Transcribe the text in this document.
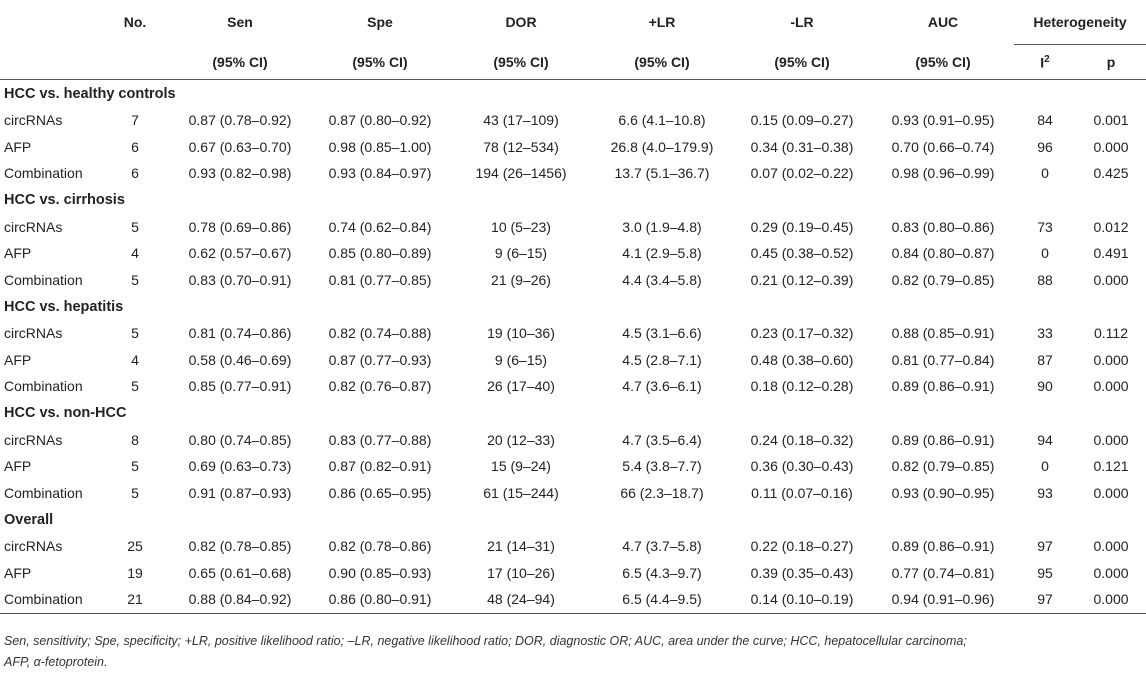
	No.	Sen	Spe	DOR	+LR	-LR	AUC	Heterogeneity	
		(95% CI)	(95% CI)	(95% CI)	(95% CI)	(95% CI)	(95% CI)	$I^2$	p
HCC vs. healthy controls									
circRNAs	7	0.87 (0.78–0.92)	0.87 (0.80–0.92)	43 (17–109)	6.6 (4.1–10.8)	0.15 (0.09–0.27)	0.93 (0.91–0.95)	84	0.001
AFP	6	0.67 (0.63–0.70)	0.98 (0.85–1.00)	78 (12–534)	26.8 (4.0–179.9)	0.34 (0.31–0.38)	0.70 (0.66–0.74)	96	0.000
Combination	6	0.93 (0.82–0.98)	0.93 (0.84–0.97)	194 (26–1456)	13.7 (5.1–36.7)	0.07 (0.02–0.22)	0.98 (0.96–0.99)	0	0.425
HCC vs. cirrhosis									
circRNAs	5	0.78 (0.69–0.86)	0.74 (0.62–0.84)	10 (5–23)	3.0 (1.9–4.8)	0.29 (0.19–0.45)	0.83 (0.80–0.86)	73	0.012
AFP	4	0.62 (0.57–0.67)	0.85 (0.80–0.89)	9 (6–15)	4.1 (2.9–5.8)	0.45 (0.38–0.52)	0.84 (0.80–0.87)	0	0.491
Combination	5	0.83 (0.70–0.91)	0.81 (0.77–0.85)	21 (9–26)	4.4 (3.4–5.8)	0.21 (0.12–0.39)	0.82 (0.79–0.85)	88	0.000
HCC vs. hepatitis									
circRNAs	5	0.81 (0.74–0.86)	0.82 (0.74–0.88)	19 (10–36)	4.5 (3.1–6.6)	0.23 (0.17–0.32)	0.88 (0.85–0.91)	33	0.112
AFP	4	0.58 (0.46–0.69)	0.87 (0.77–0.93)	9 (6–15)	4.5 (2.8–7.1)	0.48 (0.38–0.60)	0.81 (0.77–0.84)	87	0.000
Combination	5	0.85 (0.77–0.91)	0.82 (0.76–0.87)	26 (17–40)	4.7 (3.6–6.1)	0.18 (0.12–0.28)	0.89 (0.86–0.91)	90	0.000
HCC vs. non-HCC									
circRNAs	8	0.80 (0.74–0.85)	0.83 (0.77–0.88)	20 (12–33)	4.7 (3.5–6.4)	0.24 (0.18–0.32)	0.89 (0.86–0.91)	94	0.000
AFP	5	0.69 (0.63–0.73)	0.87 (0.82–0.91)	15 (9–24)	5.4 (3.8–7.7)	0.36 (0.30–0.43)	0.82 (0.79–0.85)	0	0.121
Combination	5	0.91 (0.87–0.93)	0.86 (0.65–0.95)	61 (15–244)	66 (2.3–18.7)	0.11 (0.07–0.16)	0.93 (0.90–0.95)	93	0.000
Overall									
circRNAs	25	0.82 (0.78–0.85)	0.82 (0.78–0.86)	21 (14–31)	4.7 (3.7–5.8)	0.22 (0.18–0.27)	0.89 (0.86–0.91)	97	0.000
AFP	19	0.65 (0.61–0.68)	0.90 (0.85–0.93)	17 (10–26)	6.5 (4.3–9.7)	0.39 (0.35–0.43)	0.77 (0.74–0.81)	95	0.000
Combination	21	0.88 (0.84–0.92)	0.86 (0.80–0.91)	48 (24–94)	6.5 (4.4–9.5)	0.14 (0.10–0.19)	0.94 (0.91–0.96)	97	0.000
Sen, sensitivity; Spe, specificity; +LR, positive likelihood ratio; –LR, negative likelihood ratio; DOR, diagnostic OR; AUC, area under the curve; HCC, hepatocellular carcinoma;
AFP, α-fetoprotein.
